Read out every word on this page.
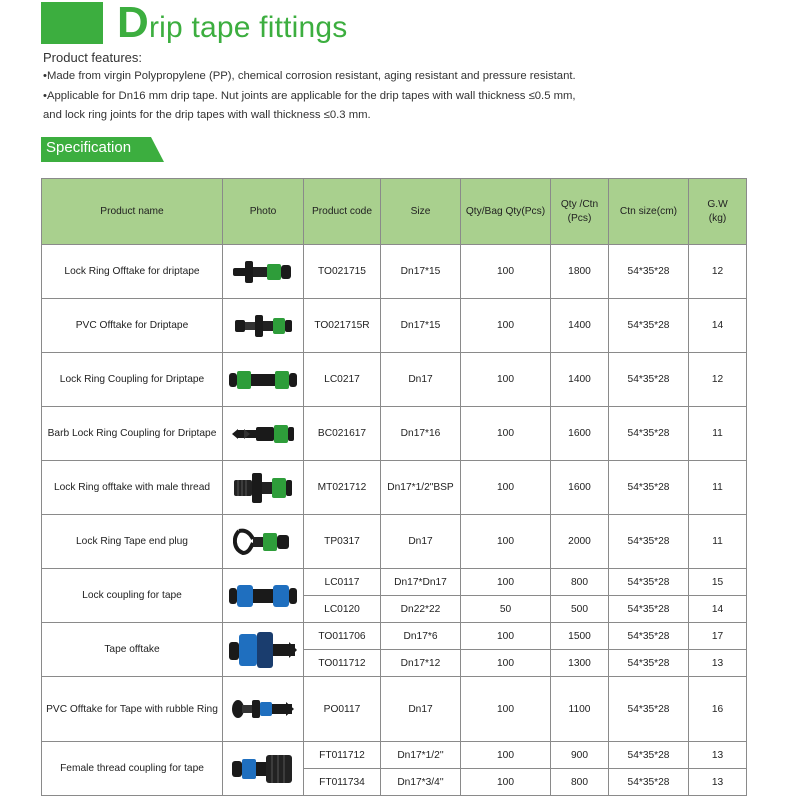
Drip tape fittings
Product features:
•Made from virgin Polypropylene (PP), chemical corrosion resistant, aging resistant and pressure resistant.
•Applicable for Dn16 mm drip tape. Nut joints are applicable for the drip tapes with wall thickness ≤0.5 mm,
and lock ring joints for the drip tapes with wall thickness ≤0.3 mm.
Specification
Product name	Photo	Product code	Size	Qty/Bag Qty(Pcs)	Qty /Ctn
(Pcs)	Ctn size(cm)	G.W
(kg)
Lock Ring Offtake for driptape		TO021715	Dn17*15	100	1800	54*35*28	12
PVC Offtake for Driptape		TO021715R	Dn17*15	100	1400	54*35*28	14
Lock Ring Coupling for Driptape		LC0217	Dn17	100	1400	54*35*28	12
Barb Lock Ring Coupling for Driptape		BC021617	Dn17*16	100	1600	54*35*28	11
Lock Ring offtake with male thread		MT021712	Dn17*1/2"BSP	100	1600	54*35*28	11
Lock Ring Tape end plug		TP0317	Dn17	100	2000	54*35*28	11
Lock coupling for tape		LC0117	Dn17*Dn17	100	800	54*35*28	15
		LC0120	Dn22*22	50	500	54*35*28	14
Tape offtake		TO011706	Dn17*6	100	1500	54*35*28	17
		TO011712	Dn17*12	100	1300	54*35*28	13
PVC Offtake for Tape with rubble Ring		PO0117	Dn17	100	1100	54*35*28	16
Female thread coupling for tape		FT011712	Dn17*1/2''	100	900	54*35*28	13
		FT011734	Dn17*3/4''	100	800	54*35*28	13
